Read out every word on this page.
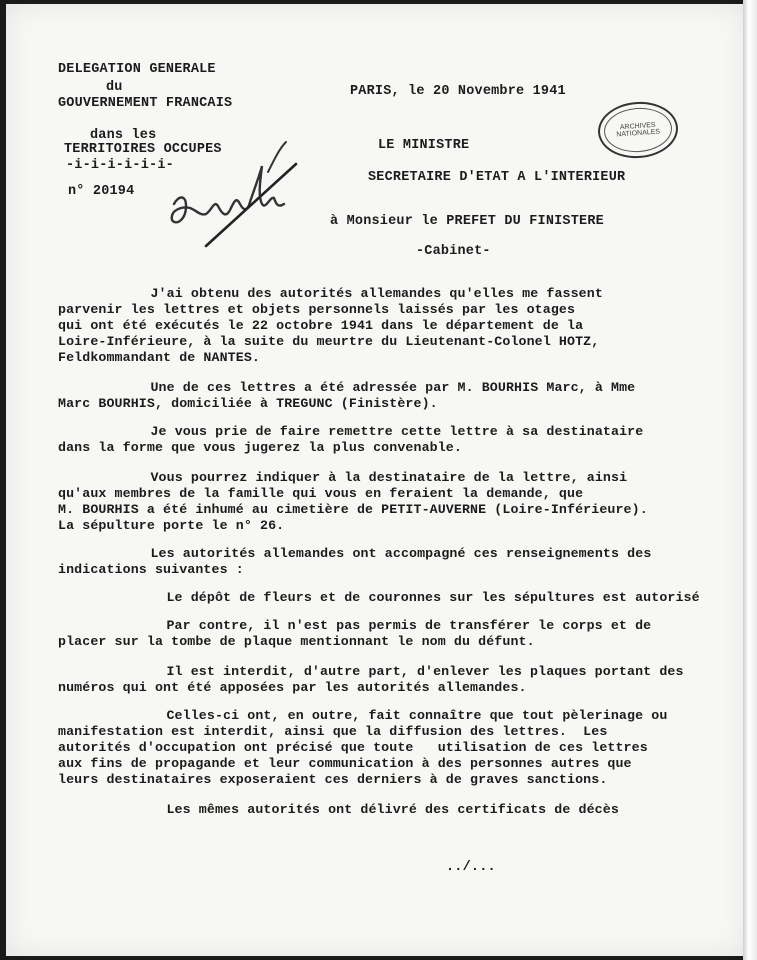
DELEGATION GENERALE
du
GOUVERNEMENT FRANCAIS
dans les
TERRITOIRES OCCUPES
-i-i-i-i-i-i-
n° 20194
PARIS, le 20 Novembre 1941
LE MINISTRE
SECRETAIRE D'ETAT A L'INTERIEUR
à Monsieur le PREFET DU FINISTERE
-Cabinet-
ARCHIVES
NATIONALES
J'ai obtenu des autorités allemandes qu'elles me fassent
parvenir les lettres et objets personnels laissés par les otages
qui ont été exécutés le 22 octobre 1941 dans le département de la
Loire-Inférieure, à la suite du meurtre du Lieutenant-Colonel HOTZ,
Feldkommandant de NANTES.
Une de ces lettres a été adressée par M. BOURHIS Marc, à Mme
Marc BOURHIS, domiciliée à TREGUNC (Finistère).
Je vous prie de faire remettre cette lettre à sa destinataire
dans la forme que vous jugerez la plus convenable.
Vous pourrez indiquer à la destinataire de la lettre, ainsi
qu'aux membres de la famille qui vous en feraient la demande, que
M. BOURHIS a été inhumé au cimetière de PETIT-AUVERNE (Loire-Inférieure).
La sépulture porte le n° 26.
Les autorités allemandes ont accompagné ces renseignements des
indications suivantes :
Le dépôt de fleurs et de couronnes sur les sépultures est autorisé
Par contre, il n'est pas permis de transférer le corps et de
placer sur la tombe de plaque mentionnant le nom du défunt.
Il est interdit, d'autre part, d'enlever les plaques portant des
numéros qui ont été apposées par les autorités allemandes.
Celles-ci ont, en outre, fait connaître que tout pèlerinage ou
manifestation est interdit, ainsi que la diffusion des lettres.  Les
autorités d'occupation ont précisé que toute   utilisation de ces lettres
aux fins de propagande et leur communication à des personnes autres que
leurs destinataires exposeraient ces derniers à de graves sanctions.
Les mêmes autorités ont délivré des certificats de décès
../...
